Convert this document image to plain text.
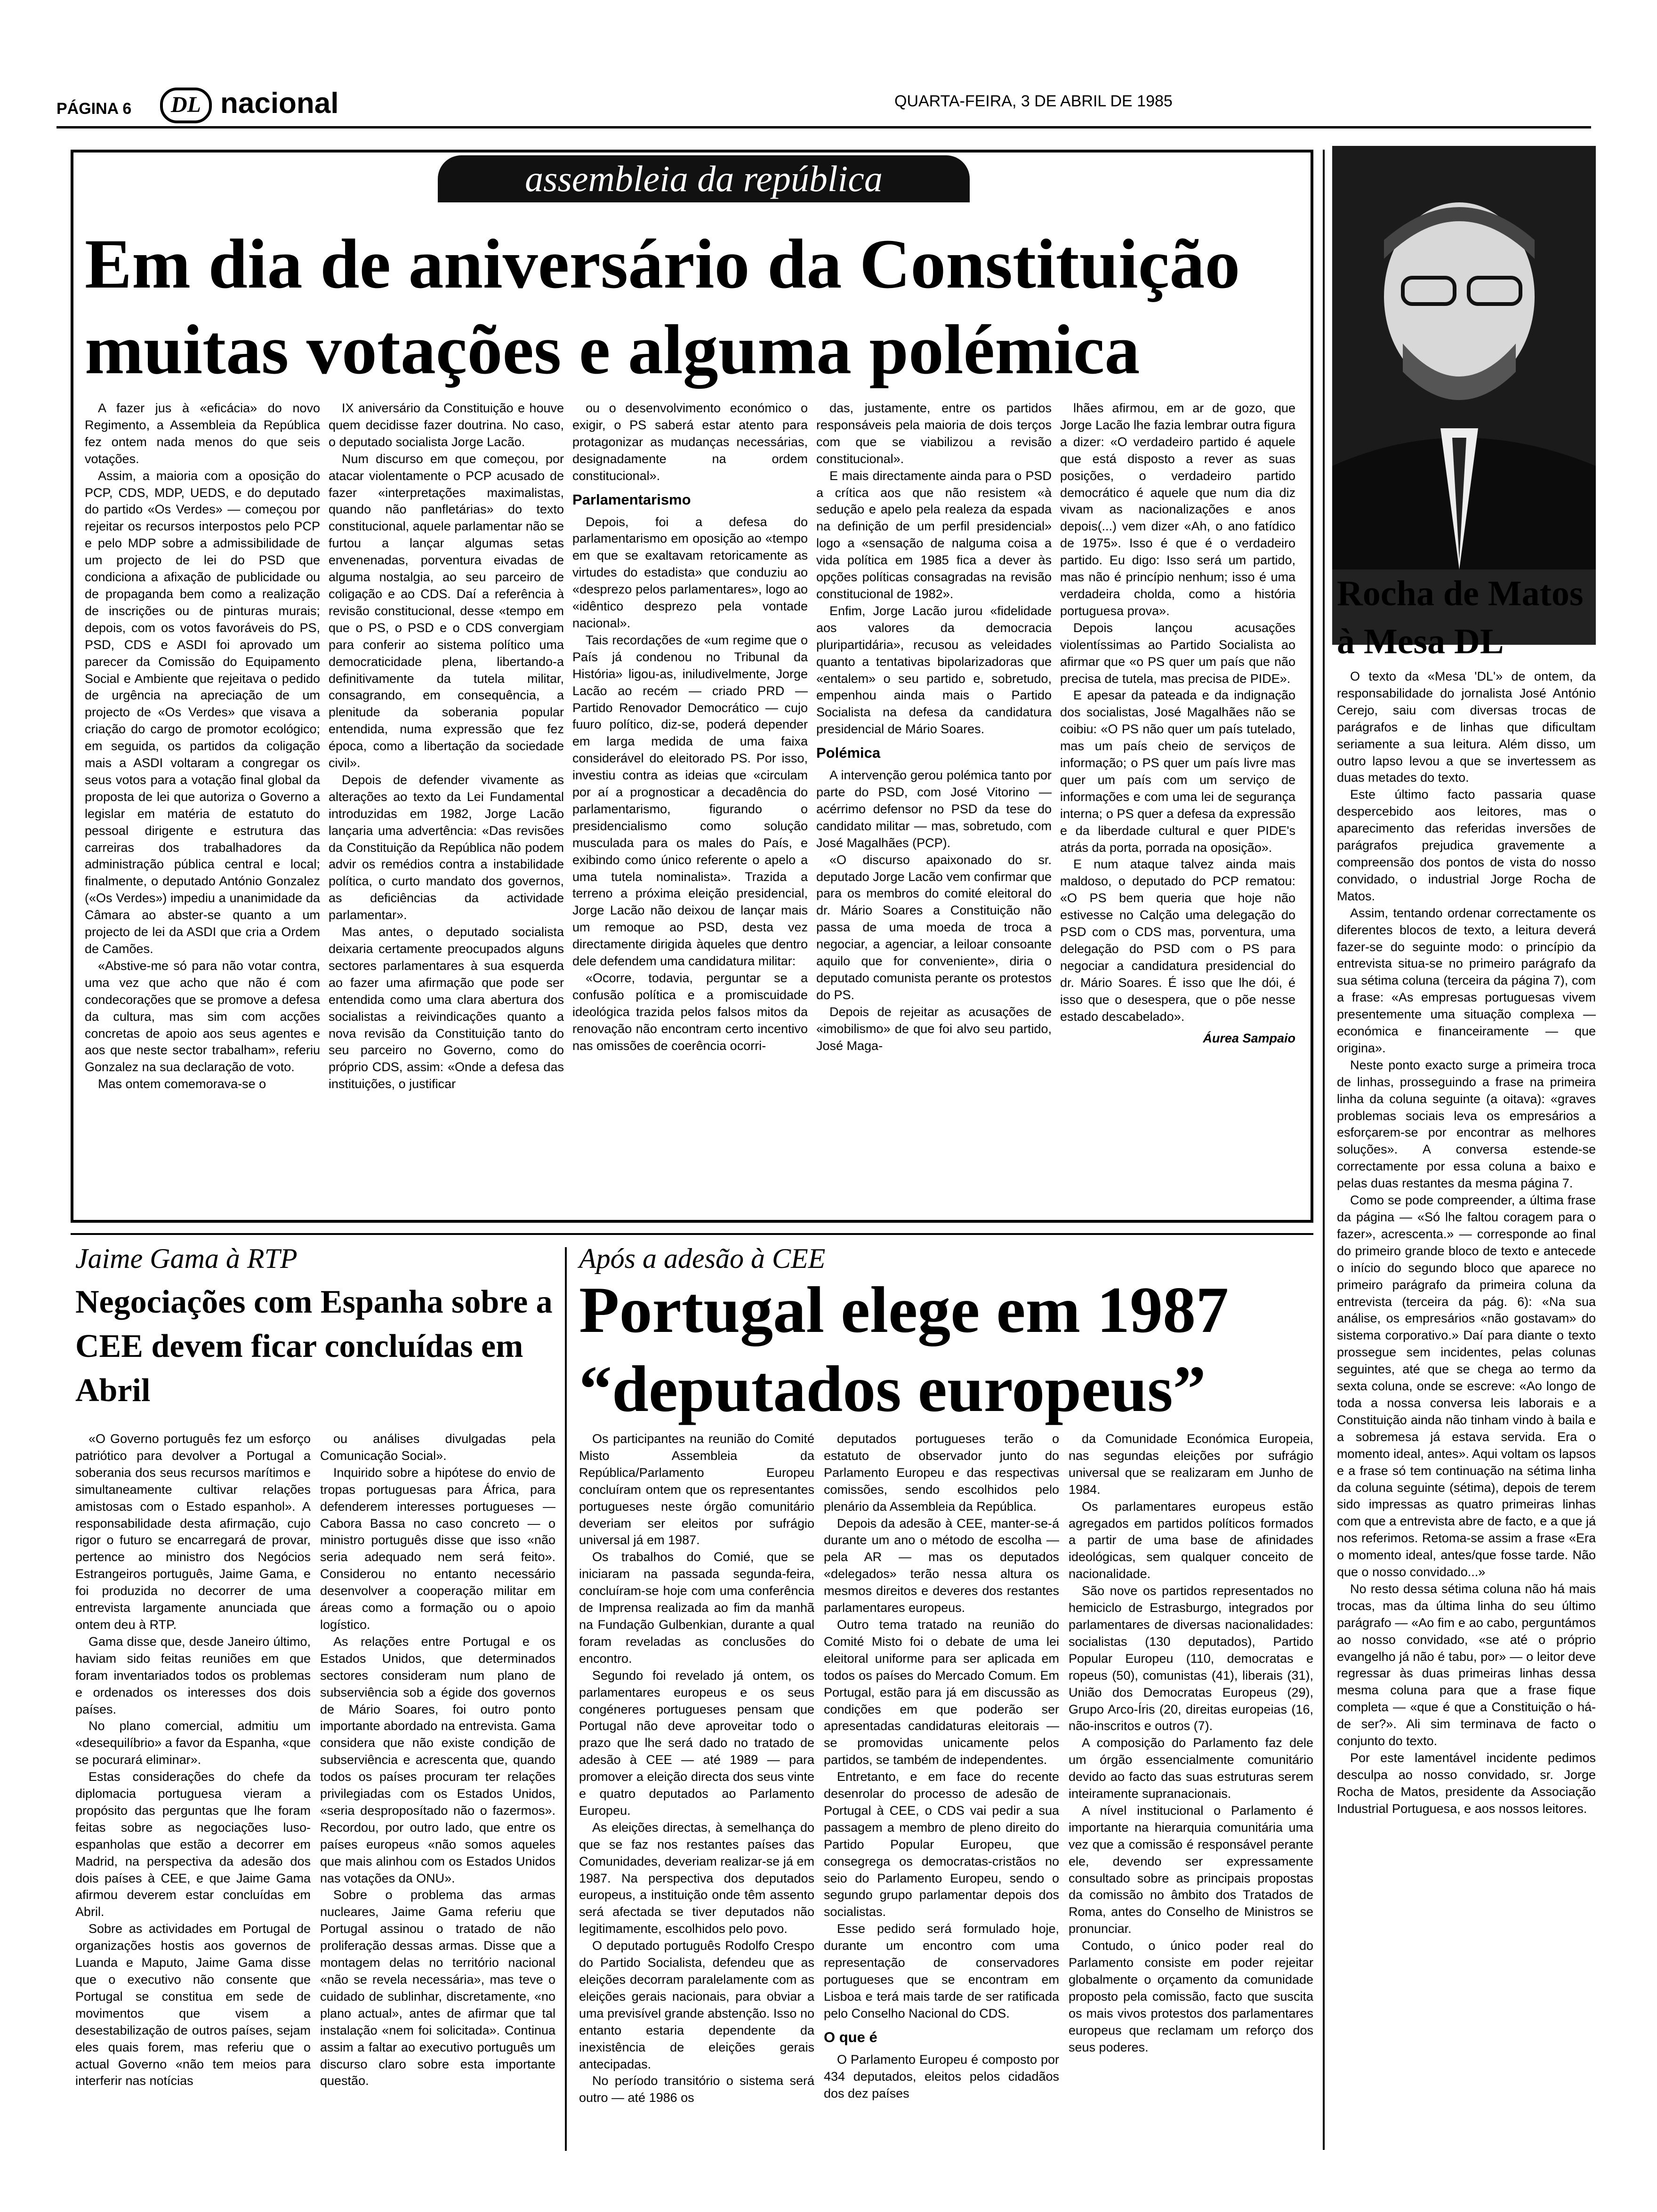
PÁGINA 6	DL nacional	QUARTA-FEIRA, 3 DE ABRIL DE 1985
assembleia da república
Em dia de aniversário da Constituição muitas votações e alguma polémica

A fazer jus à «eficácia» do novo Regimento, a Assembleia da República fez ontem nada menos do que seis votações.

Assim, a maioria com a oposição do PCP, CDS, MDP, UEDS, e do deputado do partido «Os Verdes» — começou por rejeitar os recursos interpostos pelo PCP e pelo MDP sobre a admissibilidade de um projecto de lei do PSD que condiciona a afixação de publicidade ou de propaganda bem como a realização de inscrições ou de pinturas murais; depois, com os votos favoráveis do PS, PSD, CDS e ASDI foi aprovado um parecer da Comissão do Equipamento Social e Ambiente que rejeitava o pedido de urgência na apreciação de um projecto de «Os Verdes» que visava a criação do cargo de promotor ecológico; em seguida, os partidos da coligação mais a ASDI voltaram a congregar os seus votos para a votação final global da proposta de lei que autoriza o Governo a legislar em matéria de estatuto do pessoal dirigente e estrutura das carreiras dos trabalhadores da administração pública central e local; finalmente, o deputado António Gonzalez («Os Verdes») impediu a unanimidade da Câmara ao abster-se quanto a um projecto de lei da ASDI que cria a Ordem de Camões.

«Abstive-me só para não votar contra, uma vez que acho que não é com condecorações que se promove a defesa da cultura, mas sim com acções concretas de apoio aos seus agentes e aos que neste sector trabalham», referiu Gonzalez na sua declaração de voto.

Mas ontem comemorava-se o

IX aniversário da Constituição e houve quem decidisse fazer doutrina. No caso, o deputado socialista Jorge Lacão.

Num discurso em que começou, por atacar violentamente o PCP acusado de fazer «interpretações maximalistas, quando não panfletárias» do texto constitucional, aquele parlamentar não se furtou a lançar algumas setas envenenadas, porventura eivadas de alguma nostalgia, ao seu parceiro de coligação e ao CDS. Daí a referência à revisão constitucional, desse «tempo em que o PS, o PSD e o CDS convergiam para conferir ao sistema político uma democraticidade plena, libertando-a definitivamente da tutela militar, consagrando, em consequência, a plenitude da soberania popular entendida, numa expressão que fez época, como a libertação da sociedade civil».

Depois de defender vivamente as alterações ao texto da Lei Fundamental introduzidas em 1982, Jorge Lacão lançaria uma advertência: «Das revisões da Constituição da República não podem advir os remédios contra a instabilidade política, o curto mandato dos governos, as deficiências da actividade parlamentar».

Mas antes, o deputado socialista deixaria certamente preocupados alguns sectores parlamentares à sua esquerda ao fazer uma afirmação que pode ser entendida como uma clara abertura dos socialistas a reivindicações quanto a nova revisão da Constituição tanto do seu parceiro no Governo, como do próprio CDS, assim: «Onde a defesa das instituições, o justificar

ou o desenvolvimento económico o exigir, o PS saberá estar atento para protagonizar as mudanças necessárias, designadamente na ordem constitucional».

Parlamentarismo

Depois, foi a defesa do parlamentarismo em oposição ao «tempo em que se exaltavam retoricamente as virtudes do estadista» que conduziu ao «desprezo pelos parlamentares», logo ao «idêntico desprezo pela vontade nacional».

Tais recordações de «um regime que o País já condenou no Tribunal da História» ligou-as, iniludivelmente, Jorge Lacão ao recém — criado PRD — Partido Renovador Democrático — cujo fuuro político, diz-se, poderá depender em larga medida de uma faixa considerável do eleitorado PS. Por isso, investiu contra as ideias que «circulam por aí a prognosticar a decadência do parlamentarismo, figurando o presidencialismo como solução musculada para os males do País, e exibindo como único referente o apelo a uma tutela nominalista». Trazida a terreno a próxima eleição presidencial, Jorge Lacão não deixou de lançar mais um remoque ao PSD, desta vez directamente dirigida àqueles que dentro dele defendem uma candidatura militar:

«Ocorre, todavia, perguntar se a confusão política e a promiscuidade ideológica trazida pelos falsos mitos da renovação não encontram certo incentivo nas omissões de coerência ocorri-

das, justamente, entre os partidos responsáveis pela maioria de dois terços com que se viabilizou a revisão constitucional».

E mais directamente ainda para o PSD a crítica aos que não resistem «à sedução e apelo pela realeza da espada na definição de um perfil presidencial» logo a «sensação de nalguma coisa a vida política em 1985 fica a dever às opções políticas consagradas na revisão constitucional de 1982».

Enfim, Jorge Lacão jurou «fidelidade aos valores da democracia pluripartidária», recusou as veleidades quanto a tentativas bipolarizadoras que «entalem» o seu partido e, sobretudo, empenhou ainda mais o Partido Socialista na defesa da candidatura presidencial de Mário Soares.

Polémica

A intervenção gerou polémica tanto por parte do PSD, com José Vitorino — acérrimo defensor no PSD da tese do candidato militar — mas, sobretudo, com José Magalhães (PCP).

«O discurso apaixonado do sr. deputado Jorge Lacão vem confirmar que para os membros do comité eleitoral do dr. Mário Soares a Constituição não passa de uma moeda de troca a negociar, a agenciar, a leiloar consoante aquilo que for conveniente», diria o deputado comunista perante os protestos do PS.

Depois de rejeitar as acusações de «imobilismo» de que foi alvo seu partido, José Maga-

lhães afirmou, em ar de gozo, que Jorge Lacão lhe fazia lembrar outra figura a dizer: «O verdadeiro partido é aquele que está disposto a rever as suas posições, o verdadeiro partido democrático é aquele que num dia diz vivam as nacionalizações e anos depois(...) vem dizer «Ah, o ano fatídico de 1975». Isso é que é o verdadeiro partido. Eu digo: Isso será um partido, mas não é princípio nenhum; isso é uma verdadeira cholda, como a história portuguesa prova».

Depois lançou acusações violentíssimas ao Partido Socialista ao afirmar que «o PS quer um país que não precisa de tutela, mas precisa de PIDE».

E apesar da pateada e da indignação dos socialistas, José Magalhães não se coibiu: «O PS não quer um país tutelado, mas um país cheio de serviços de informação; o PS quer um país livre mas quer um país com um serviço de informações e com uma lei de segurança interna; o PS quer a defesa da expressão e da liberdade cultural e quer PIDE's atrás da porta, porrada na oposição».

E num ataque talvez ainda mais maldoso, o deputado do PCP rematou: «O PS bem queria que hoje não estivesse no Calção uma delegação do PSD com o CDS mas, porventura, uma delegação do PSD com o PS para negociar a candidatura presidencial do dr. Mário Soares. É isso que lhe dói, é isso que o desespera, que o põe nesse estado descabelado».

Áurea Sampaio

Rocha de Matos à Mesa DL

O texto da «Mesa 'DL'» de ontem, da responsabilidade do jornalista José António Cerejo, saiu com diversas trocas de parágrafos e de linhas que dificultam seriamente a sua leitura. Além disso, um outro lapso levou a que se invertessem as duas metades do texto.

Este último facto passaria quase despercebido aos leitores, mas o aparecimento das referidas inversões de parágrafos prejudica gravemente a compreensão dos pontos de vista do nosso convidado, o industrial Jorge Rocha de Matos.

Assim, tentando ordenar correctamente os diferentes blocos de texto, a leitura deverá fazer-se do seguinte modo: o princípio da entrevista situa-se no primeiro parágrafo da sua sétima coluna (terceira da página 7), com a frase: «As empresas portuguesas vivem presentemente uma situação complexa — económica e financeiramente — que origina».

Neste ponto exacto surge a primeira troca de linhas, prosseguindo a frase na primeira linha da coluna seguinte (a oitava): «graves problemas sociais leva os empresários a esforçarem-se por encontrar as melhores soluções». A conversa estende-se correctamente por essa coluna a baixo e pelas duas restantes da mesma página 7.

Como se pode compreender, a última frase da página — «Só lhe faltou coragem para o fazer», acrescenta.» — corresponde ao final do primeiro grande bloco de texto e antecede o início do segundo bloco que aparece no primeiro parágrafo da primeira coluna da entrevista (terceira da pág. 6): «Na sua análise, os empresários «não gostavam» do sistema corporativo.» Daí para diante o texto prossegue sem incidentes, pelas colunas seguintes, até que se chega ao termo da sexta coluna, onde se escreve: «Ao longo de toda a nossa conversa leis laborais e a Constituição ainda não tinham vindo à baila e a sobremesa já estava servida. Era o momento ideal, antes». Aqui voltam os lapsos e a frase só tem continuação na sétima linha da coluna seguinte (sétima), depois de terem sido impressas as quatro primeiras linhas com que a entrevista abre de facto, e a que já nos referimos. Retoma-se assim a frase «Era o momento ideal, antes/que fosse tarde. Não que o nosso convidado...»

No resto dessa sétima coluna não há mais trocas, mas da última linha do seu último parágrafo — «Ao fim e ao cabo, perguntámos ao nosso convidado, «se até o próprio evangelho já não é tabu, por» — o leitor deve regressar às duas primeiras linhas dessa mesma coluna para que a frase fique completa — «que é que a Constituição o há-de ser?». Ali sim terminava de facto o conjunto do texto.

Por este lamentável incidente pedimos desculpa ao nosso convidado, sr. Jorge Rocha de Matos, presidente da Associação Industrial Portuguesa, e aos nossos leitores.

Jaime Gama à RTP
Negociações com Espanha sobre a CEE devem ficar concluídas em Abril

«O Governo português fez um esforço patriótico para devolver a Portugal a soberania dos seus recursos marítimos e simultaneamente cultivar relações amistosas com o Estado espanhol». A responsabilidade desta afirmação, cujo rigor o futuro se encarregará de provar, pertence ao ministro dos Negócios Estrangeiros português, Jaime Gama, e foi produzida no decorrer de uma entrevista largamente anunciada que ontem deu à RTP.

Gama disse que, desde Janeiro último, haviam sido feitas reuniões em que foram inventariados todos os problemas e ordenados os interesses dos dois países.

No plano comercial, admitiu um «desequilíbrio» a favor da Espanha, «que se pocurará eliminar».

Estas considerações do chefe da diplomacia portuguesa vieram a propósito das perguntas que lhe foram feitas sobre as negociações luso-espanholas que estão a decorrer em Madrid, na perspectiva da adesão dos dois países à CEE, e que Jaime Gama afirmou deverem estar concluídas em Abril.

Sobre as actividades em Portugal de organizações hostis aos governos de Luanda e Maputo, Jaime Gama disse que o executivo não consente que Portugal se constitua em sede de movimentos que visem a desestabilização de outros países, sejam eles quais forem, mas referiu que o actual Governo «não tem meios para interferir nas notícias

ou análises divulgadas pela Comunicação Social».

Inquirido sobre a hipótese do envio de tropas portuguesas para África, para defenderem interesses portugueses — Cabora Bassa no caso concreto — o ministro português disse que isso «não seria adequado nem será feito». Considerou no entanto necessário desenvolver a cooperação militar em áreas como a formação ou o apoio logístico.

As relações entre Portugal e os Estados Unidos, que determinados sectores consideram num plano de subserviência sob a égide dos governos de Mário Soares, foi outro ponto importante abordado na entrevista. Gama considera que não existe condição de subserviência e acrescenta que, quando todos os países procuram ter relações privilegiadas com os Estados Unidos, «seria desproposítado não o fazermos». Recordou, por outro lado, que entre os países europeus «não somos aqueles que mais alinhou com os Estados Unidos nas votações da ONU».

Sobre o problema das armas nucleares, Jaime Gama referiu que Portugal assinou o tratado de não proliferação dessas armas. Disse que a montagem delas no território nacional «não se revela necessária», mas teve o cuidado de sublinhar, discretamente, «no plano actual», antes de afirmar que tal instalação «nem foi solicitada». Continua assim a faltar ao executivo português um discurso claro sobre esta importante questão.

Após a adesão à CEE
Portugal elege em 1987 “deputados europeus”

Os participantes na reunião do Comité Misto Assembleia da República/Parlamento Europeu concluíram ontem que os representantes portugueses neste órgão comunitário deveriam ser eleitos por sufrágio universal já em 1987.

Os trabalhos do Comié, que se iniciaram na passada segunda-feira, concluíram-se hoje com uma conferência de Imprensa realizada ao fim da manhã na Fundação Gulbenkian, durante a qual foram reveladas as conclusões do encontro.

Segundo foi revelado já ontem, os parlamentares europeus e os seus congéneres portugueses pensam que Portugal não deve aproveitar todo o prazo que lhe será dado no tratado de adesão à CEE — até 1989 — para promover a eleição directa dos seus vinte e quatro deputados ao Parlamento Europeu.

As eleições directas, à semelhança do que se faz nos restantes países das Comunidades, deveriam realizar-se já em 1987. Na perspectiva dos deputados europeus, a instituição onde têm assento será afectada se tiver deputados não legitimamente, escolhidos pelo povo.

O deputado português Rodolfo Crespo do Partido Socialista, defendeu que as eleições decorram paralelamente com as eleições gerais nacionais, para obviar a uma previsível grande abstenção. Isso no entanto estaria dependente da inexistência de eleições gerais antecipadas.

No período transitório o sistema será outro — até 1986 os

deputados portugueses terão o estatuto de observador junto do Parlamento Europeu e das respectivas comissões, sendo escolhidos pelo plenário da Assembleia da República.

Depois da adesão à CEE, manter-se-á durante um ano o método de escolha — pela AR — mas os deputados «delegados» terão nessa altura os mesmos direitos e deveres dos restantes parlamentares europeus.

Outro tema tratado na reunião do Comité Misto foi o debate de uma lei eleitoral uniforme para ser aplicada em todos os países do Mercado Comum. Em Portugal, estão para já em discussão as condições em que poderão ser apresentadas candidaturas eleitorais — se promovidas unicamente pelos partidos, se também de independentes.

Entretanto, e em face do recente desenrolar do processo de adesão de Portugal à CEE, o CDS vai pedir a sua passagem a membro de pleno direito do Partido Popular Europeu, que consegrega os democratas-cristãos no seio do Parlamento Europeu, sendo o segundo grupo parlamentar depois dos socialistas.

Esse pedido será formulado hoje, durante um encontro com uma representação de conservadores portugueses que se encontram em Lisboa e terá mais tarde de ser ratificada pelo Conselho Nacional do CDS.

O que é

O Parlamento Europeu é composto por 434 deputados, eleitos pelos cidadãos dos dez países

da Comunidade Económica Europeia, nas segundas eleições por sufrágio universal que se realizaram em Junho de 1984.

Os parlamentares europeus estão agregados em partidos políticos formados a partir de uma base de afinidades ideológicas, sem qualquer conceito de nacionalidade.

São nove os partidos representados no hemiciclo de Estrasburgo, integrados por parlamentares de diversas nacionalidades: socialistas (130 deputados), Partido Popular Europeu (110, democratas e ropeus (50), comunistas (41), liberais (31), União dos Democratas Europeus (29), Grupo Arco-Íris (20, direitas europeias (16, não-inscritos e outros (7).

A composição do Parlamento faz dele um órgão essencialmente comunitário devido ao facto das suas estruturas serem inteiramente supranacionais.

A nível institucional o Parlamento é importante na hierarquia comunitária uma vez que a comissão é responsável perante ele, devendo ser expressamente consultado sobre as principais propostas da comissão no âmbito dos Tratados de Roma, antes do Conselho de Ministros se pronunciar.

Contudo, o único poder real do Parlamento consiste em poder rejeitar globalmente o orçamento da comunidade proposto pela comissão, facto que suscita os mais vivos protestos dos parlamentares europeus que reclamam um reforço dos seus poderes.
